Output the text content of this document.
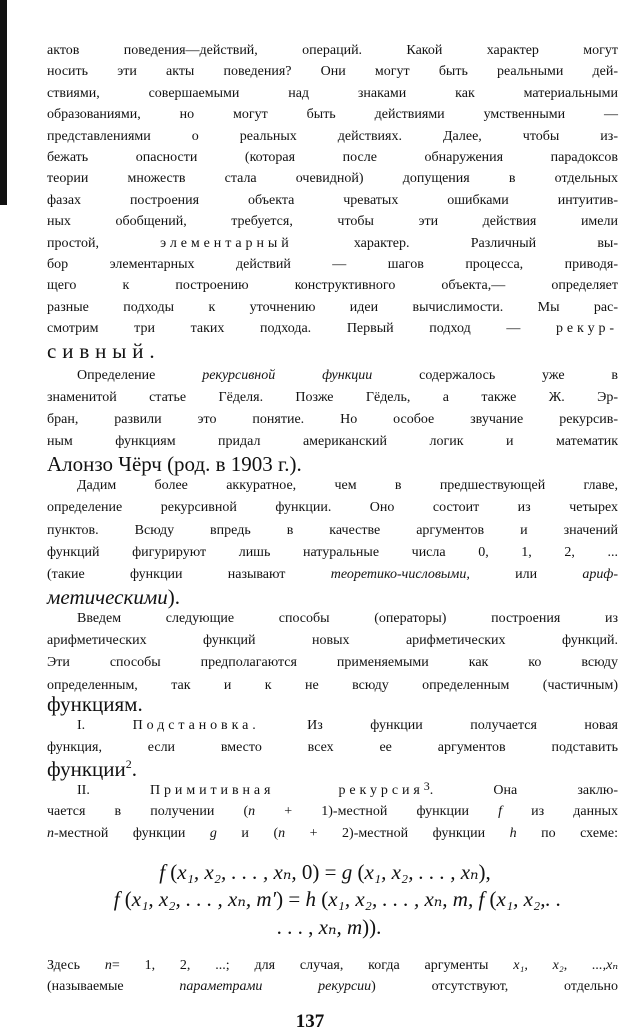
актов поведения—действий, операций. Какой характер могут
носить эти акты поведения? Они могут быть реальными дей-
ствиями, совершаемыми над знаками как материальными
образованиями, но могут быть действиями умственными —
представлениями о реальных действиях. Далее, чтобы из-
бежать опасности (которая после обнаружения парадоксов
теории множеств стала очевидной) допущения в отдельных
фазах построения объекта чреватых ошибками интуитив-
ных обобщений, требуется, чтобы эти действия имели
простой, элементарный характер. Различный вы-
бор элементарных действий — шагов процесса, приводя-
щего к построению конструктивного объекта,— определяет
разные подходы к уточнению идеи вычислимости. Мы рас-
смотрим три таких подхода. Первый подход — рекур-
сивный.
Определение рекурсивной функции содержалось уже в
знаменитой статье Гёделя. Позже Гёдель, а также Ж. Эр-
бран, развили это понятие. Но особое звучание рекурсив-
ным функциям придал американский логик и математик
Алонзо Чёрч (род. в 1903 г.).
Дадим более аккуратное, чем в предшествующей главе,
определение рекурсивной функции. Оно состоит из четырех
пунктов. Всюду впредь в качестве аргументов и значений
функций фигурируют лишь натуральные числа 0, 1, 2, ...
(такие функции называют теоретико-числовыми, или ариф-
метическими).
Введем следующие способы (операторы) построения из
арифметических функций новых арифметических функций.
Эти способы предполагаются применяемыми как ко всюду
определенным, так и к не всюду определенным (частичным)
функциям.
I. Подстановка. Из функции получается новая
функция, если вместо всех ее аргументов подставить
функции$^2$.
II. Примитивная рекурсия3. Она заклю-
чается в получении (n + 1)-местной функции f из данных
n-местной функции g и (n + 2)-местной функции h по схеме:
f (x₁, x₂, . . . , xₙ, 0) = g (x₁, x₂, . . . , xₙ),
f (x₁, x₂, . . . , xₙ, m′) = h (x₁, x₂, . . . , xₙ, m, f (x₁, x₂,. .
. . . , xₙ, m)).
Здесь n= 1, 2, ...; для случая, когда аргументы x₁, x₂, ...,xₙ
(называемые параметрами рекурсии) отсутствуют, отдельно
137
